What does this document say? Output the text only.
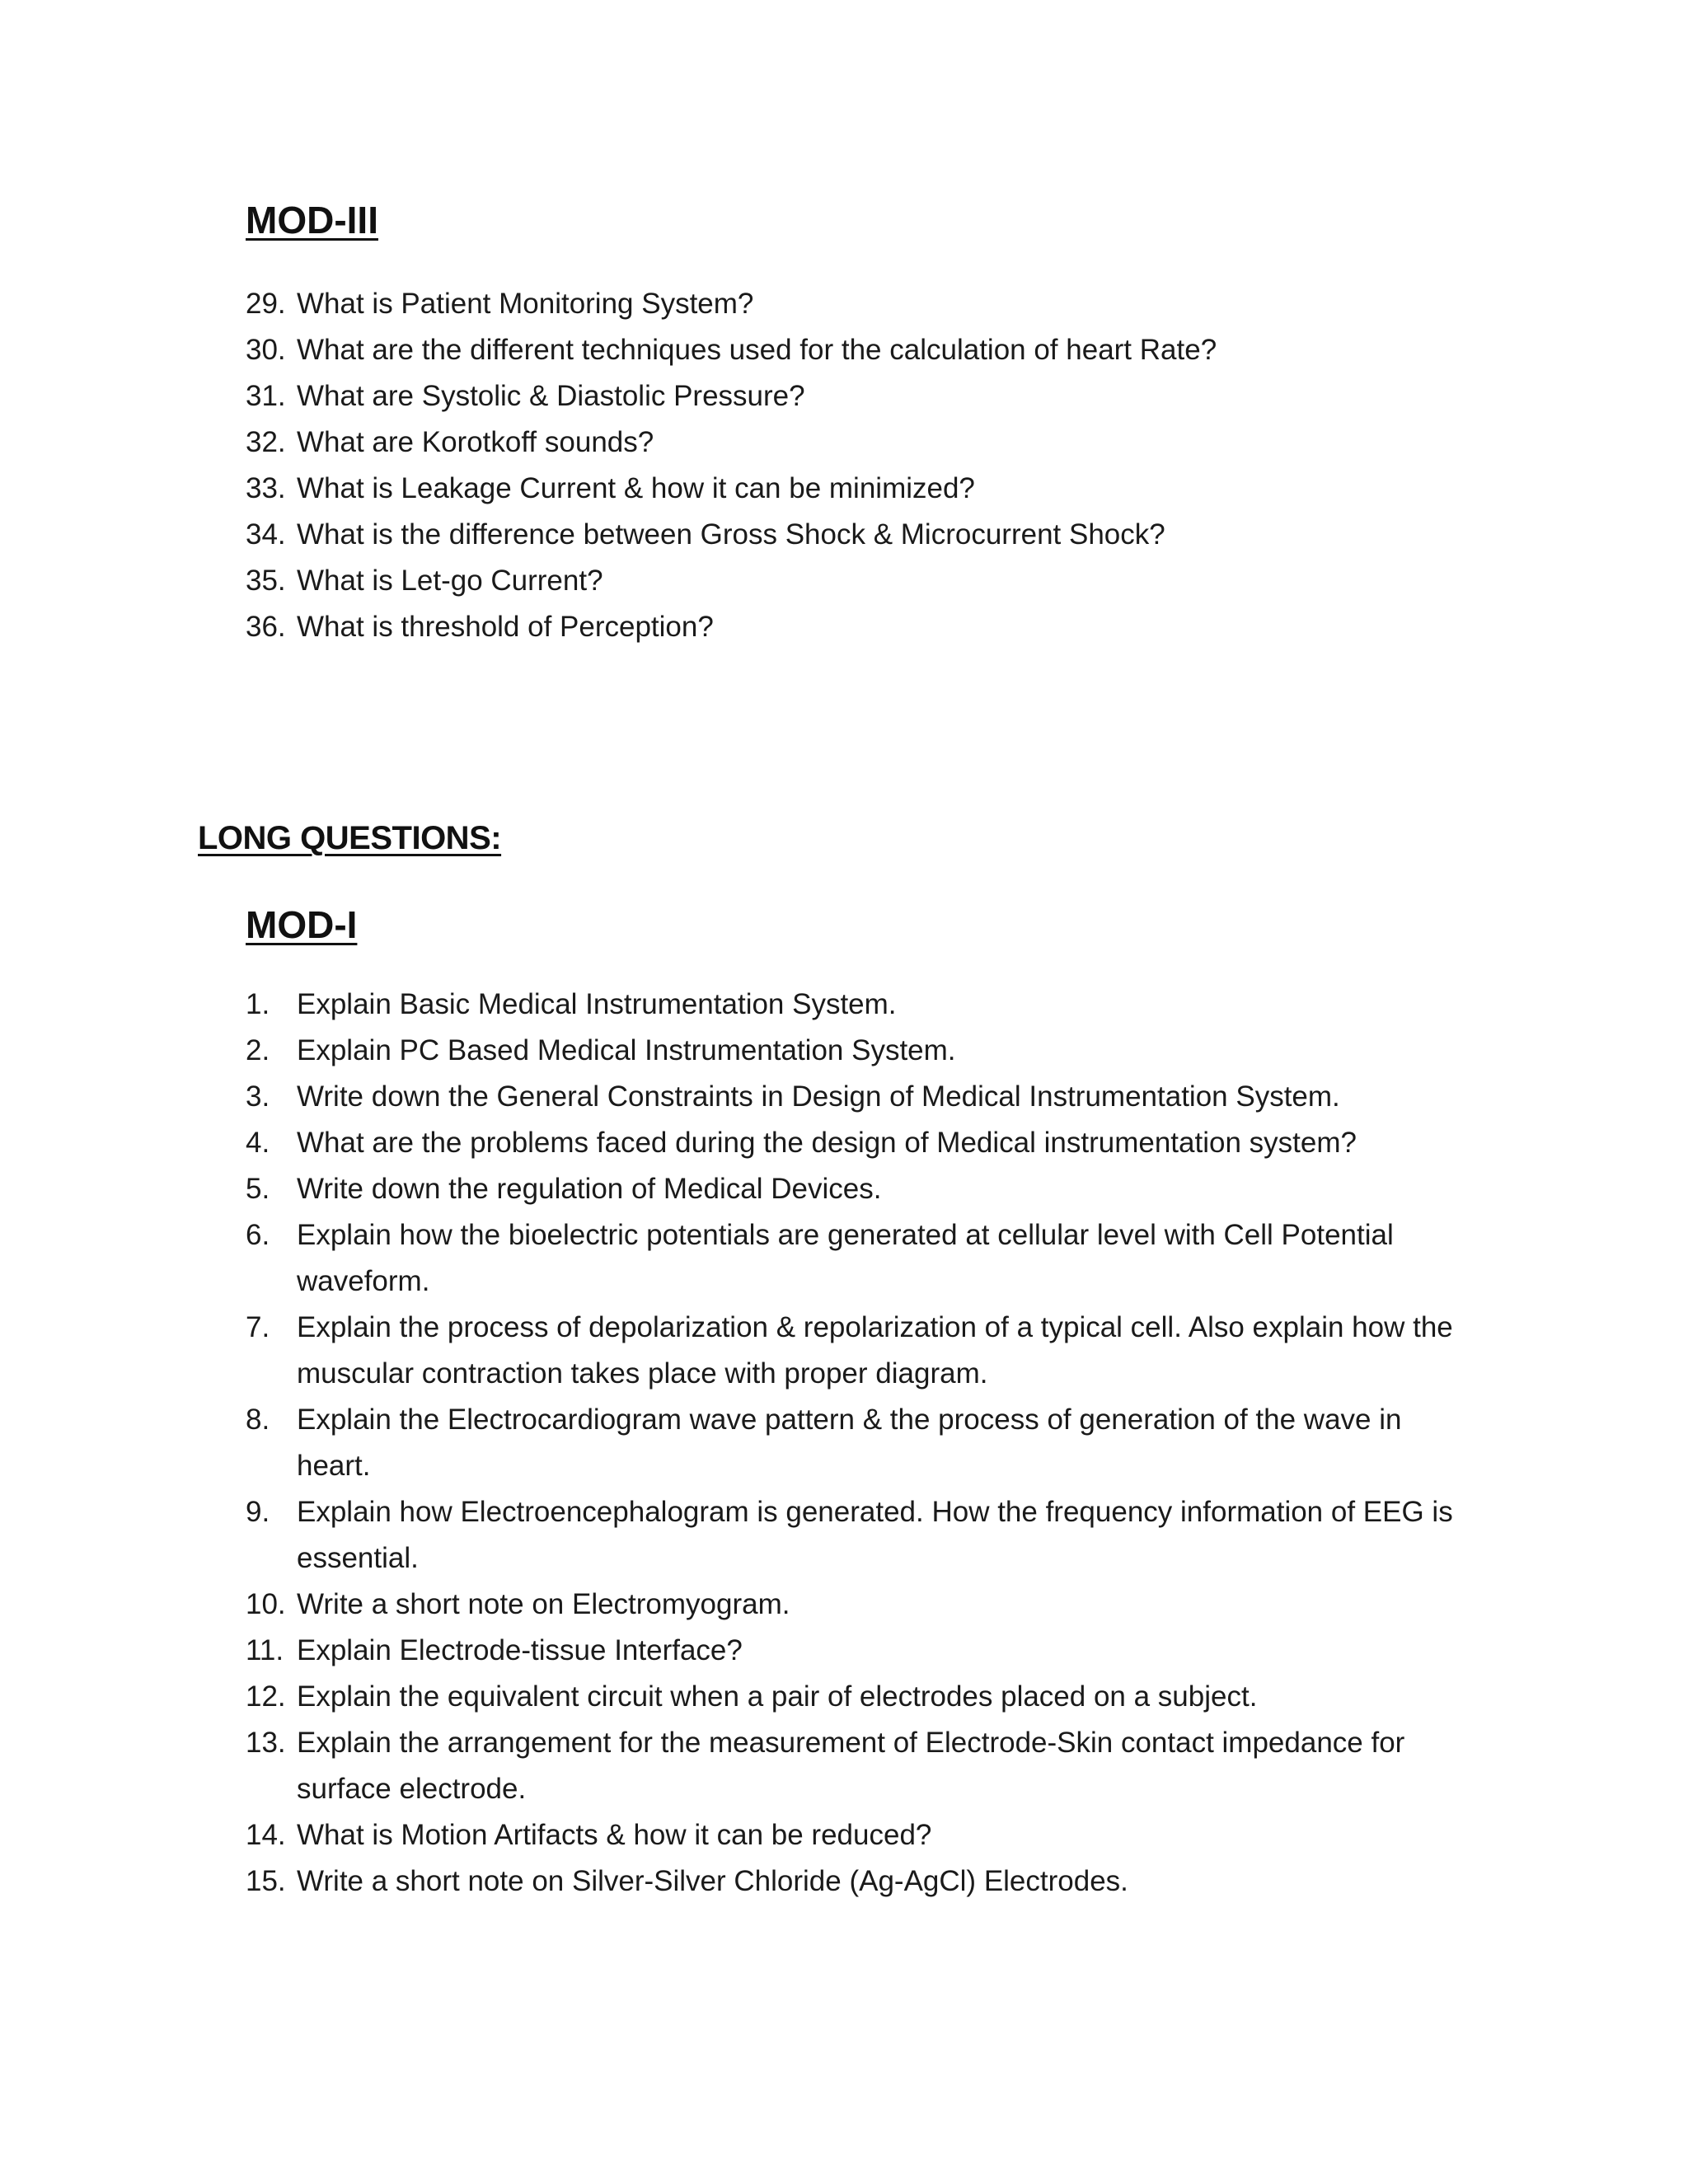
MOD-III
29. What is Patient Monitoring System?
30. What are the different techniques used for the calculation of heart Rate?
31. What are Systolic & Diastolic Pressure?
32. What are Korotkoff sounds?
33. What is Leakage Current & how it can be minimized?
34. What is the difference between Gross Shock & Microcurrent Shock?
35. What is Let-go Current?
36. What is threshold of Perception?
LONG QUESTIONS:
MOD-I
1. Explain Basic Medical Instrumentation System.
2. Explain PC Based Medical Instrumentation System.
3. Write down the General Constraints in Design of Medical Instrumentation System.
4. What are the problems faced during the design of Medical instrumentation system?
5. Write down the regulation of Medical Devices.
6. Explain how the bioelectric potentials are generated at cellular level with Cell Potential waveform.
7. Explain the process of depolarization & repolarization of a typical cell. Also explain how the muscular contraction takes place with proper diagram.
8. Explain the Electrocardiogram wave pattern & the process of generation of the wave in heart.
9. Explain how Electroencephalogram is generated. How the frequency information of EEG is essential.
10. Write a short note on Electromyogram.
11. Explain Electrode-tissue Interface?
12. Explain the equivalent circuit when a pair of electrodes placed on a subject.
13. Explain the arrangement for the measurement of Electrode-Skin contact impedance for surface electrode.
14. What is Motion Artifacts & how it can be reduced?
15. Write a short note on Silver-Silver Chloride (Ag-AgCl) Electrodes.
